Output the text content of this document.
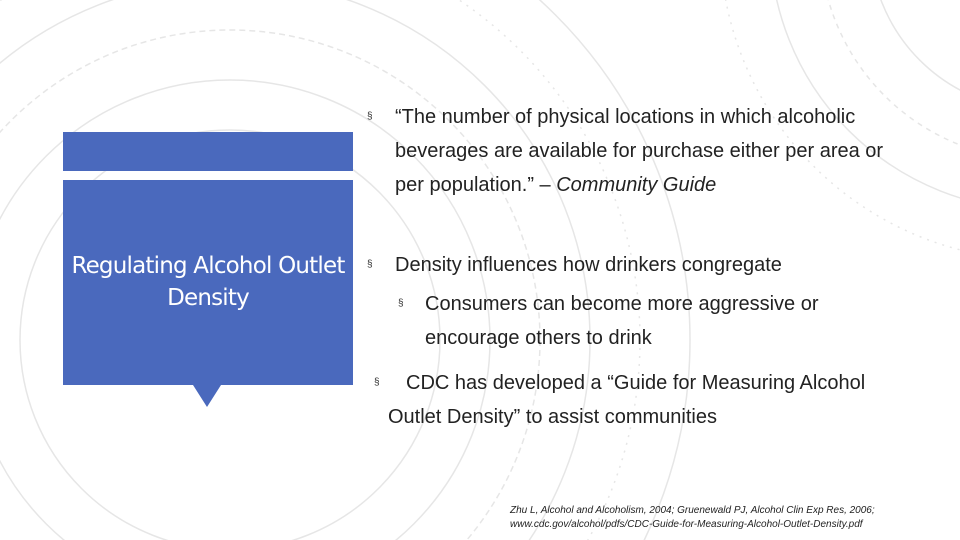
Regulating Alcohol Outlet Density
§ “The number of physical locations in which alcoholic beverages are available for purchase either per area or per population.” – Community Guide
§ Density influences how drinkers congregate
§ Consumers can become more aggressive or encourage others to drink
§	CDC has developed a “Guide for Measuring Alcohol Outlet Density” to assist communities
Zhu L, Alcohol and Alcoholism, 2004; Gruenewald PJ, Alcohol Clin Exp Res, 2006;
www.cdc.gov/alcohol/pdfs/CDC-Guide-for-Measuring-Alcohol-Outlet-Density.pdf
